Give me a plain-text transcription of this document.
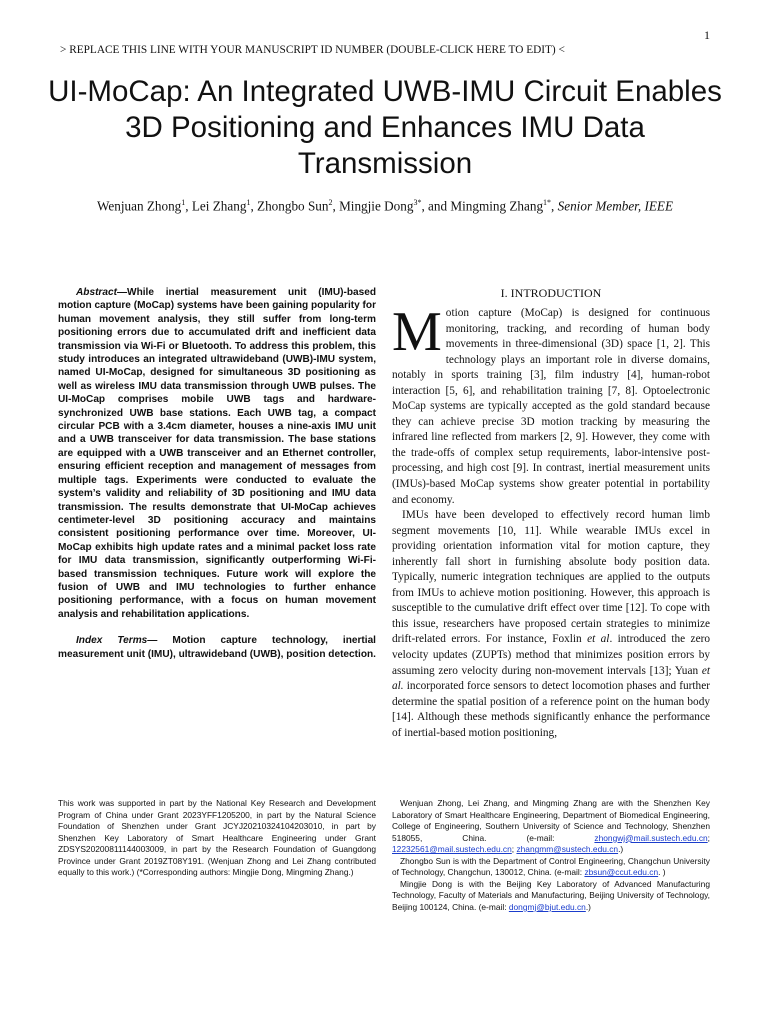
1
> REPLACE THIS LINE WITH YOUR MANUSCRIPT ID NUMBER (DOUBLE-CLICK HERE TO EDIT) <
UI-MoCap: An Integrated UWB-IMU Circuit Enables 3D Positioning and Enhances IMU Data Transmission
Wenjuan Zhong$^1$, Lei Zhang$^1$, Zhongbo Sun$^2$, Mingjie Dong$^{3*}$, and Mingming Zhang$^{1*}$, Senior Member, IEEE

Abstract—While inertial measurement unit (IMU)-based motion capture (MoCap) systems have been gaining popularity for human movement analysis, they still suffer from long-term positioning errors due to accumulated drift and inefficient data transmission via Wi-Fi or Bluetooth. To address this problem, this study introduces an integrated ultrawideband (UWB)-IMU system, named UI-MoCap, designed for simultaneous 3D positioning as well as wireless IMU data transmission through UWB pulses. The UI-MoCap comprises mobile UWB tags and hardware-synchronized UWB base stations. Each UWB tag, a compact circular PCB with a 3.4cm diameter, houses a nine-axis IMU unit and a UWB transceiver for data transmission. The base stations are equipped with a UWB transceiver and an Ethernet controller, ensuring efficient reception and management of messages from multiple tags. Experiments were conducted to evaluate the system’s validity and reliability of 3D positioning and IMU data transmission. The results demonstrate that UI-MoCap achieves centimeter-level 3D positioning accuracy and maintains consistent positioning performance over time. Moreover, UI-MoCap exhibits high update rates and a minimal packet loss rate for IMU data transmission, significantly outperforming Wi-Fi-based transmission techniques. Future work will explore the fusion of UWB and IMU technologies to further enhance positioning performance, with a focus on human movement analysis and rehabilitation applications.

Index Terms— Motion capture technology, inertial measurement unit (IMU), ultrawideband (UWB), position detection.

I. INTRODUCTION

Motion capture (MoCap) is designed for continuous monitoring, tracking, and recording of human body movements in three-dimensional (3D) space [1, 2]. This technology plays an important role in diverse domains, notably in sports training [3], film industry [4], human-robot interaction [5, 6], and rehabilitation training [7, 8]. Optoelectronic MoCap systems are typically accepted as the gold standard because they can achieve precise 3D motion tracking by measuring the infrared line reflected from markers [2, 9]. However, they come with the trade-offs of complex setup requirements, labor-intensive post-processing, and high cost [9]. In contrast, inertial measurement units (IMUs)-based MoCap systems show greater potential in portability and economy.

IMUs have been developed to effectively record human limb segment movements [10, 11]. While wearable IMUs excel in providing orientation information vital for motion capture, they inherently fall short in furnishing absolute body position data. Typically, numeric integration techniques are applied to the outputs from IMUs to achieve motion positioning. However, this approach is susceptible to the cumulative drift effect over time [12]. To cope with this issue, researchers have proposed certain strategies to minimize drift-related errors. For instance, Foxlin et al. introduced the zero velocity updates (ZUPTs) method that minimizes position errors by assuming zero velocity during non-movement intervals [13]; Yuan et al. incorporated force sensors to detect locomotion phases and further determine the spatial position of a reference point on the human body [14]. Although these methods significantly enhance the performance of inertial-based motion positioning,

This work was supported in part by the National Key Research and Development Program of China under Grant 2023YFF1205200, in part by the Natural Science Foundation of Shenzhen under Grant JCYJ20210324104203010, in part by Shenzhen Key Laboratory of Smart Healthcare Engineering under Grant ZDSYS20200811144003009, in part by the Research Foundation of Guangdong Province under Grant 2019ZT08Y191. (Wenjuan Zhong and Lei Zhang contributed equally to this work.) (*Corresponding authors: Mingjie Dong, Mingming Zhang.)

Wenjuan Zhong, Lei Zhang, and Mingming Zhang are with the Shenzhen Key Laboratory of Smart Healthcare Engineering, Department of Biomedical Engineering, College of Engineering, Southern University of Science and Technology, Shenzhen 518055, China. (e-mail: zhongwj@mail.sustech.edu.cn; 12232561@mail.sustech.edu.cn; zhangmm@sustech.edu.cn.)

Zhongbo Sun is with the Department of Control Engineering, Changchun University of Technology, Changchun, 130012, China. (e-mail: zbsun@ccut.edu.cn. )

Mingjie Dong is with the Beijing Key Laboratory of Advanced Manufacturing Technology, Faculty of Materials and Manufacturing, Beijing University of Technology, Beijing 100124, China. (e-mail: dongmj@bjut.edu.cn.)
